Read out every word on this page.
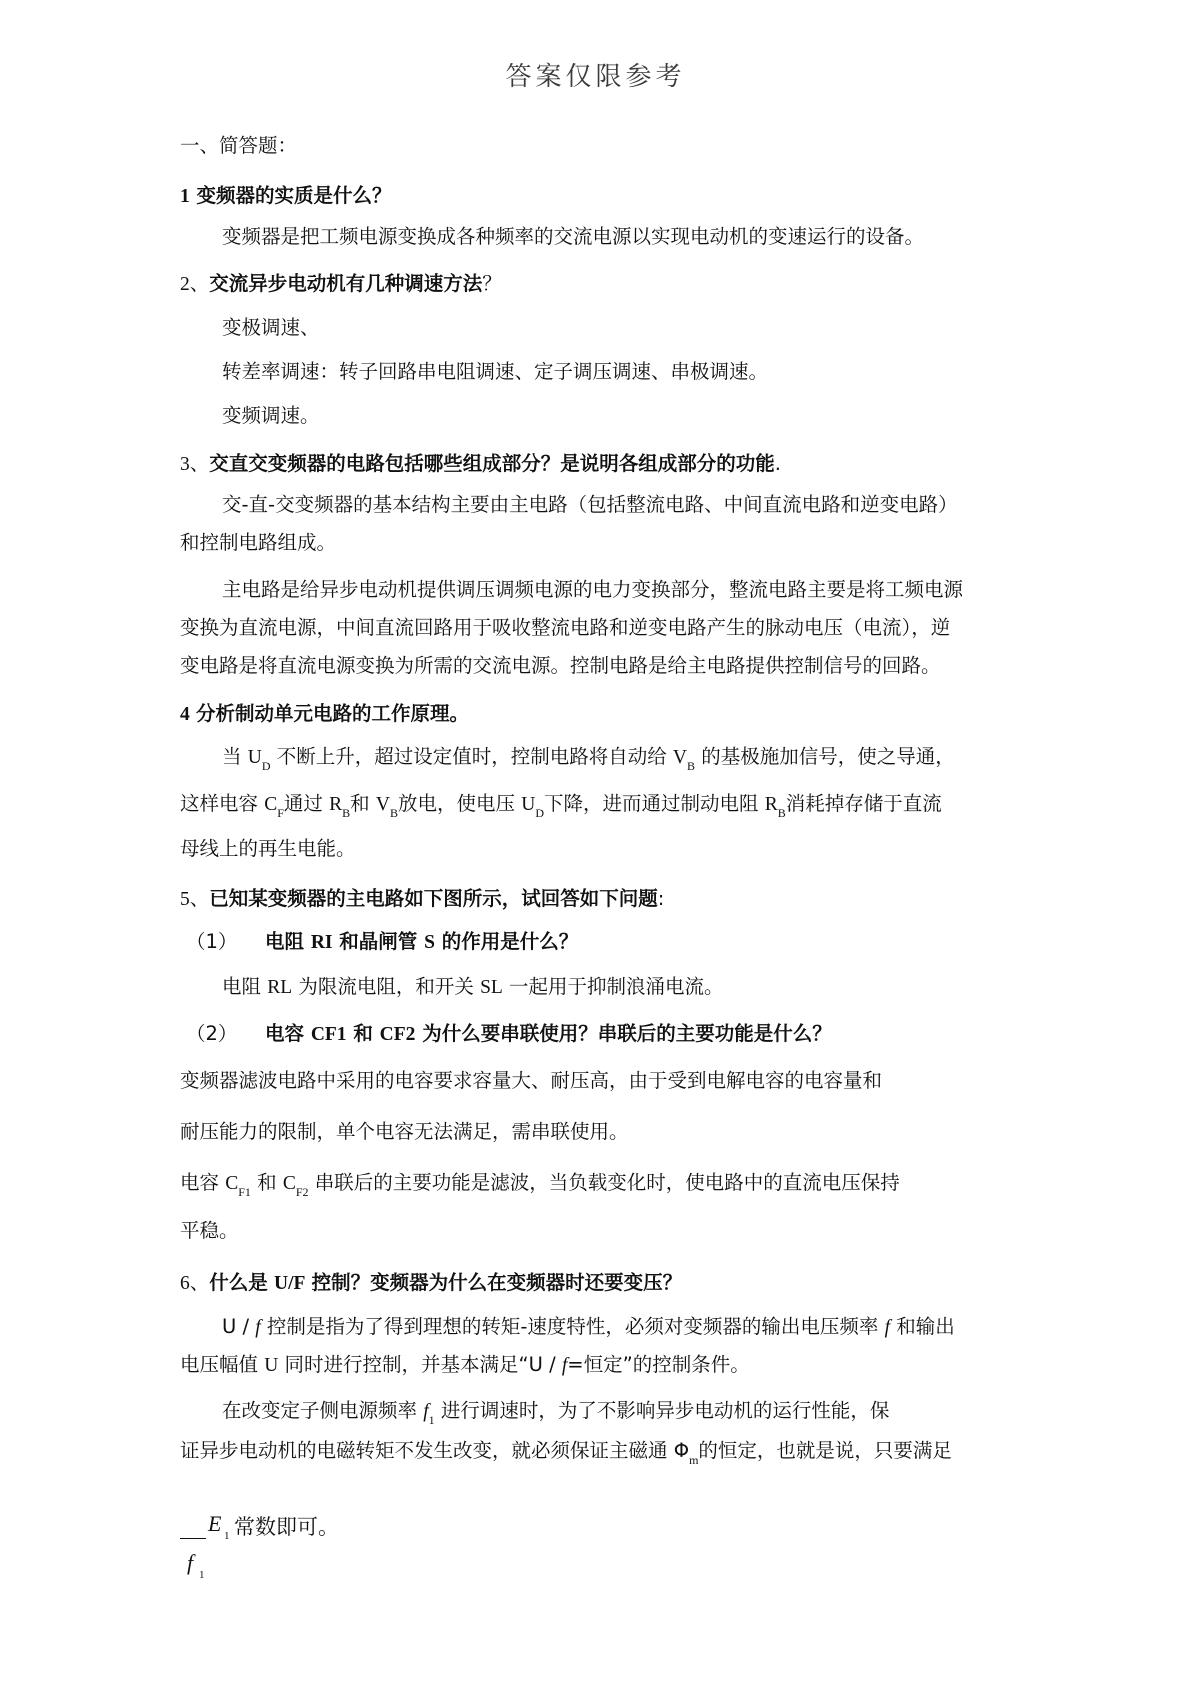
答案仅限参考
一、简答题：
1 变频器的实质是什么？
变频器是把工频电源变换成各种频率的交流电源以实现电动机的变速运行的设备。
2、交流异步电动机有几种调速方法？
变极调速、
转差率调速：转子回路串电阻调速、定子调压调速、串极调速。
变频调速。
3、交直交变频器的电路包括哪些组成部分？是说明各组成部分的功能.
交-直-交变频器的基本结构主要由主电路（包括整流电路、中间直流电路和逆变电路）
和控制电路组成。
主电路是给异步电动机提供调压调频电源的电力变换部分，整流电路主要是将工频电源
变换为直流电源，中间直流回路用于吸收整流电路和逆变电路产生的脉动电压（电流），逆
变电路是将直流电源变换为所需的交流电源。控制电路是给主电路提供控制信号的回路。
4 分析制动单元电路的工作原理。
当 $U_D$ 不断上升，超过设定值时，控制电路将自动给 $V_B$ 的基极施加信号，使之导通，
这样电容 $C_F$通过 $R_B$和 $V_B$放电，使电压 $U_D$下降，进而通过制动电阻 $R_B$消耗掉存储于直流
母线上的再生电能。
5、已知某变频器的主电路如下图所示，试回答如下问题:
（1） 电阻 RI 和晶闸管 S 的作用是什么？
电阻 RL 为限流电阻，和开关 SL 一起用于抑制浪涌电流。
（2） 电容 CF1 和 CF2 为什么要串联使用？串联后的主要功能是什么？
变频器滤波电路中采用的电容要求容量大、耐压高，由于受到电解电容的电容量和
耐压能力的限制，单个电容无法满足，需串联使用。
电容 $C_{F1}$ 和 $C_{F2}$ 串联后的主要功能是滤波，当负载变化时，使电路中的直流电压保持
平稳。
6、什么是 U/F 控制？变频器为什么在变频器时还要变压？
U / f 控制是指为了得到理想的转矩-速度特性，必须对变频器的输出电压频率 f 和输出
电压幅值 U 同时进行控制，并基本满足“U / f=恒定”的控制条件。
在改变定子侧电源频率 $f_1$ 进行调速时，为了不影响异步电动机的运行性能，保
证异步电动机的电磁转矩不发生改变，就必须保证主磁通 $\Phi_m$的恒定，也就是说，只要满足
E 1 常数即可。
f 1
